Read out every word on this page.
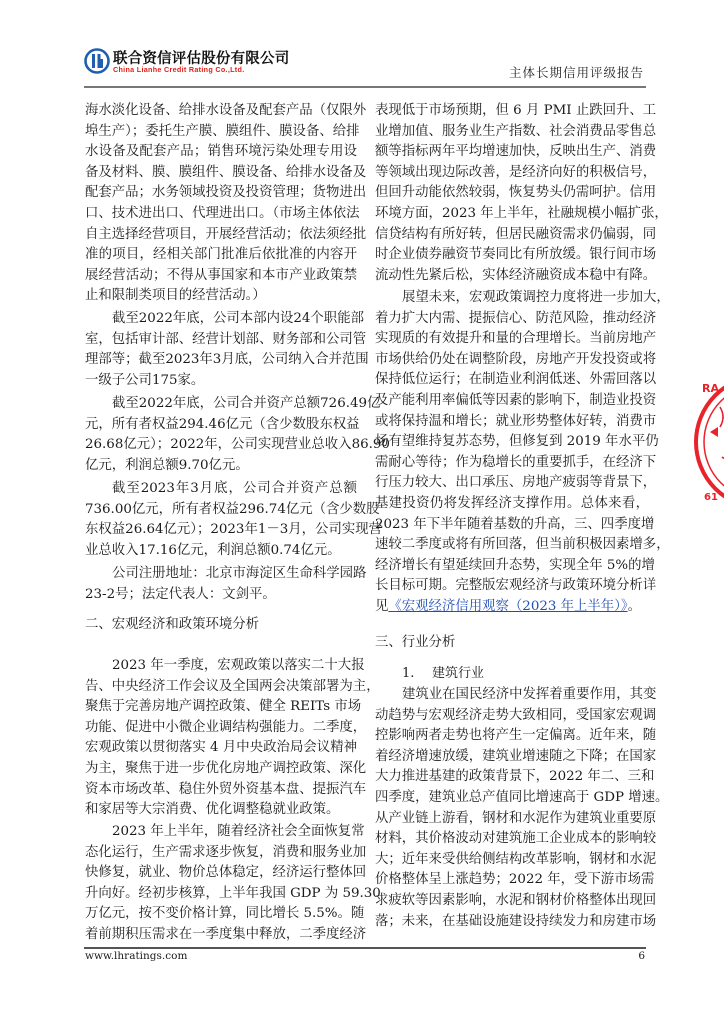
联合资信评估股份有限公司
China Lianhe Credit Rating Co.,Ltd.	主体长期信用评级报告
海水淡化设备、给排水设备及配套产品（仅限外
埠生产）；委托生产膜、膜组件、膜设备、给排
水设备及配套产品；销售环境污染处理专用设
备及材料、膜、膜组件、膜设备、给排水设备及
配套产品；水务领域投资及投资管理；货物进出
口、技术进出口、代理进出口。（市场主体依法
自主选择经营项目，开展经营活动；依法须经批
准的项目，经相关部门批准后依批准的内容开
展经营活动；不得从事国家和本市产业政策禁
止和限制类项目的经营活动。）
截至2022年底，公司本部内设24个职能部
室，包括审计部、经营计划部、财务部和公司管
理部等；截至2023年3月底，公司纳入合并范围
一级子公司175家。
截至2022年底，公司合并资产总额726.49亿
元，所有者权益294.46亿元（含少数股东权益
26.68亿元）；2022年，公司实现营业总收入86.90
亿元，利润总额9.70亿元。
截至2023年3月底，公司合并资产总额
736.00亿元，所有者权益296.74亿元（含少数股
东权益26.64亿元）；2023年1－3月，公司实现营
业总收入17.16亿元，利润总额0.74亿元。
公司注册地址：北京市海淀区生命科学园路
23-2号；法定代表人：文剑平。
二、宏观经济和政策环境分析
2023 年一季度，宏观政策以落实二十大报
告、中央经济工作会议及全国两会决策部署为主，
聚焦于完善房地产调控政策、健全 REITs 市场
功能、促进中小微企业调结构强能力。二季度，
宏观政策以贯彻落实 4 月中央政治局会议精神
为主，聚焦于进一步优化房地产调控政策、深化
资本市场改革、稳住外贸外资基本盘、提振汽车
和家居等大宗消费、优化调整稳就业政策。
2023 年上半年，随着经济社会全面恢复常
态化运行，生产需求逐步恢复，消费和服务业加
快修复，就业、物价总体稳定，经济运行整体回
升向好。经初步核算，上半年我国 GDP 为 59.30
万亿元，按不变价格计算，同比增长 5.5%。随
着前期积压需求在一季度集中释放，二季度经济
表现低于市场预期，但 6 月 PMI 止跌回升、工
业增加值、服务业生产指数、社会消费品零售总
额等指标两年平均增速加快，反映出生产、消费
等领域出现边际改善，是经济向好的积极信号，
但回升动能依然较弱，恢复势头仍需呵护。信用
环境方面，2023 年上半年，社融规模小幅扩张，
信贷结构有所好转，但居民融资需求仍偏弱，同
时企业债券融资节奏同比有所放缓。银行间市场
流动性先紧后松，实体经济融资成本稳中有降。
展望未来，宏观政策调控力度将进一步加大，
着力扩大内需、提振信心、防范风险，推动经济
实现质的有效提升和量的合理增长。当前房地产
市场供给仍处在调整阶段，房地产开发投资或将
保持低位运行；在制造业利润低迷、外需回落以
及产能利用率偏低等因素的影响下，制造业投资
或将保持温和增长；就业形势整体好转，消费市
场有望维持复苏态势，但修复到 2019 年水平仍
需耐心等待；作为稳增长的重要抓手，在经济下
行压力较大、出口承压、房地产疲弱等背景下，
基建投资仍将发挥经济支撑作用。总体来看，
2023 年下半年随着基数的升高，三、四季度增
速较二季度或将有所回落，但当前积极因素增多，
经济增长有望延续回升态势，实现全年 5%的增
长目标可期。完整版宏观经济与政策环境分析详
见《宏观经济信用观察（2023 年上半年）》。
三、行业分析
1. 建筑行业
建筑业在国民经济中发挥着重要作用，其变
动趋势与宏观经济走势大致相同，受国家宏观调
控影响两者走势也将产生一定偏离。近年来，随
着经济增速放缓，建筑业增速随之下降；在国家
大力推进基建的政策背景下，2022 年二、三和
四季度，建筑业总产值同比增速高于 GDP 增速。
从产业链上游看，钢材和水泥作为建筑业重要原
材料，其价格波动对建筑施工企业成本的影响较
大；近年来受供给侧结构改革影响，钢材和水泥
价格整体呈上涨趋势；2022 年，受下游市场需
求疲软等因素影响，水泥和钢材价格整体出现回
落；未来，在基础设施建设持续发力和房建市场
RA
61
www.lhratings.com	6
